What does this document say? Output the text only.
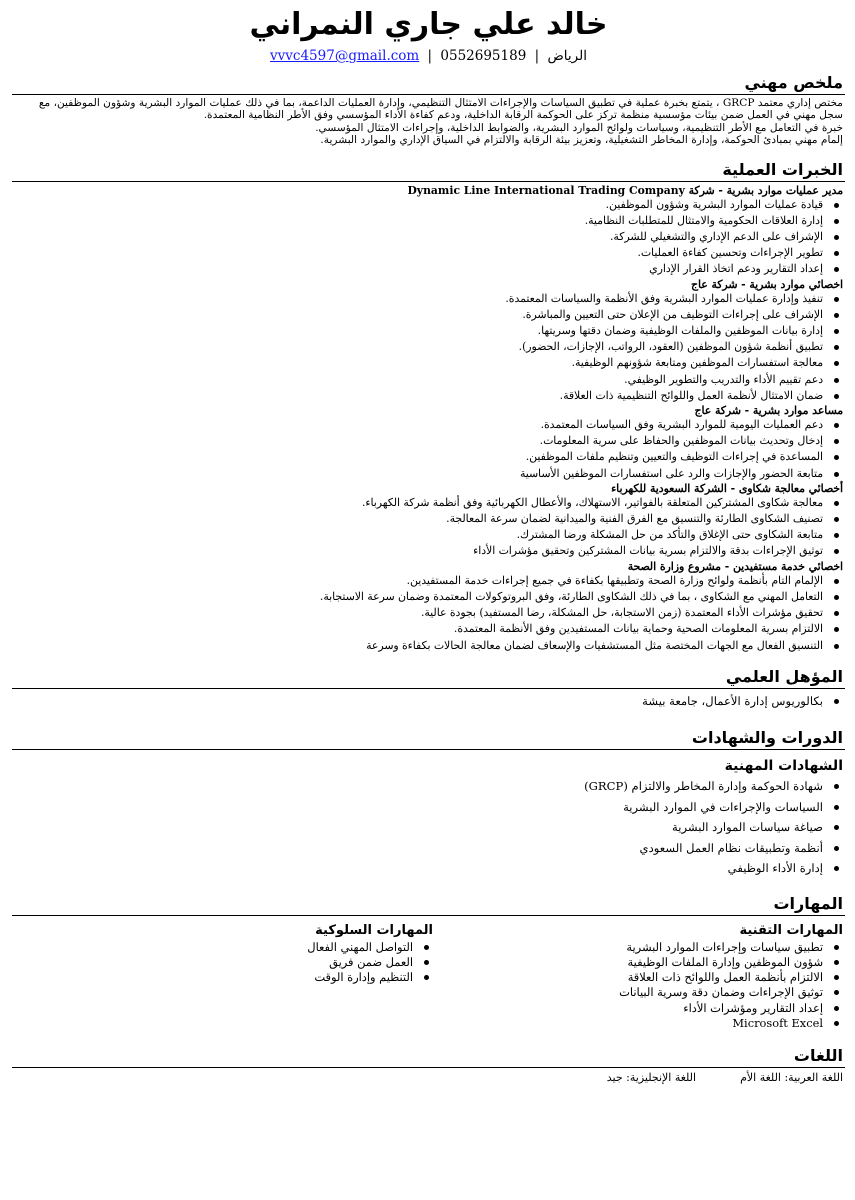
خالد علي جاري النمراني
الرياض | 0552695189 | vvvc4597@gmail.com
ملخص مهني

مختص إداري معتمد GRCP ، يتمتع بخبرة عملية في تطبيق السياسات والإجراءات الامتثال التنظيمي، وإدارة العمليات الداعمة، بما في ذلك عمليات الموارد البشرية وشؤون الموظفين، مع سجل مهني في العمل ضمن بيئات مؤسسية منظمة تركز على الحوكمة الرقابة الداخلية، ودعم كفاءة الأداء المؤسسي وفق الأطر النظامية المعتمدة.

خبرة في التعامل مع الأطر التنظيمية، وسياسات ولوائح الموارد البشرية، والضوابط الداخلية، وإجراءات الامتثال المؤسسي.

إلمام مهني بمبادئ الحوكمة، وإدارة المخاطر التشغيلية، وتعزيز بيئة الرقابة والالتزام في السياق الإداري والموارد البشرية.

الخبرات العملية
مدير عمليات موارد بشرية - شركة Dynamic Line International Trading Company
قيادة عمليات الموارد البشرية وشؤون الموظفين.
إدارة العلاقات الحكومية والامتثال للمتطلبات النظامية.
الإشراف على الدعم الإداري والتشغيلي للشركة.
تطوير الإجراءات وتحسين كفاءة العمليات.
إعداد التقارير ودعم اتخاذ القرار الإداري
اخصائي موارد بشرية - شركة عاج
تنفيذ وإدارة عمليات الموارد البشرية وفق الأنظمة والسياسات المعتمدة.
الإشراف على إجراءات التوظيف من الإعلان حتى التعيين والمباشرة.
إدارة بيانات الموظفين والملفات الوظيفية وضمان دقتها وسريتها.
تطبيق أنظمة شؤون الموظفين (العقود، الرواتب، الإجازات، الحضور).
معالجة استفسارات الموظفين ومتابعة شؤونهم الوظيفية.
دعم تقييم الأداء والتدريب والتطوير الوظيفي.
ضمان الامتثال لأنظمة العمل واللوائح التنظيمية ذات العلاقة.
مساعد موارد بشرية - شركة عاج
دعم العمليات اليومية للموارد البشرية وفق السياسات المعتمدة.
إدخال وتحديث بيانات الموظفين والحفاظ على سرية المعلومات.
المساعدة في إجراءات التوظيف والتعيين وتنظيم ملفات الموظفين.
متابعة الحضور والإجازات والرد على استفسارات الموظفين الأساسية
أخصائي معالجة شكاوى - الشركة السعودية للكهرباء
معالجة شكاوى المشتركين المتعلقة بالفواتير، الاستهلاك، والأعطال الكهربائية وفق أنظمة شركة الكهرباء.
تصنيف الشكاوى الطارئة والتنسيق مع الفرق الفنية والميدانية لضمان سرعة المعالجة.
متابعة الشكاوى حتى الإغلاق والتأكد من حل المشكلة ورضا المشترك.
توثيق الإجراءات بدقة والالتزام بسرية بيانات المشتركين وتحقيق مؤشرات الأداء
اخصائي خدمة مستفيدين - مشروع وزارة الصحة
الإلمام التام بأنظمة ولوائح وزارة الصحة وتطبيقها بكفاءة في جميع إجراءات خدمة المستفيدين.
التعامل المهني مع الشكاوى ، بما في ذلك الشكاوى الطارئة، وفق البروتوكولات المعتمدة وضمان سرعة الاستجابة.
تحقيق مؤشرات الأداء المعتمدة (زمن الاستجابة، حل المشكلة، رضا المستفيد) بجودة عالية.
الالتزام بسرية المعلومات الصحية وحماية بيانات المستفيدين وفق الأنظمة المعتمدة.
التنسيق الفعال مع الجهات المختصة مثل المستشفيات والإسعاف لضمان معالجة الحالات بكفاءة وسرعة
المؤهل العلمي
بكالوريوس إدارة الأعمال، جامعة بيشة
الدورات والشهادات
الشهادات المهنية
شهادة الحوكمة وإدارة المخاطر والالتزام (GRCP)
السياسات والإجراءات في الموارد البشرية
صياغة سياسات الموارد البشرية
أنظمة وتطبيقات نظام العمل السعودي
إدارة الأداء الوظيفي
المهارات
المهارات التقنية
تطبيق سياسات وإجراءات الموارد البشرية
شؤون الموظفين وإدارة الملفات الوظيفية
الالتزام بأنظمة العمل واللوائح ذات العلاقة
توثيق الإجراءات وضمان دقة وسرية البيانات
إعداد التقارير ومؤشرات الأداء
Microsoft Excel
المهارات السلوكية
التواصل المهني الفعال
العمل ضمن فريق
التنظيم وإدارة الوقت
اللغات
اللغة العربية: اللغة الأم
اللغة الإنجليزية: جيد
